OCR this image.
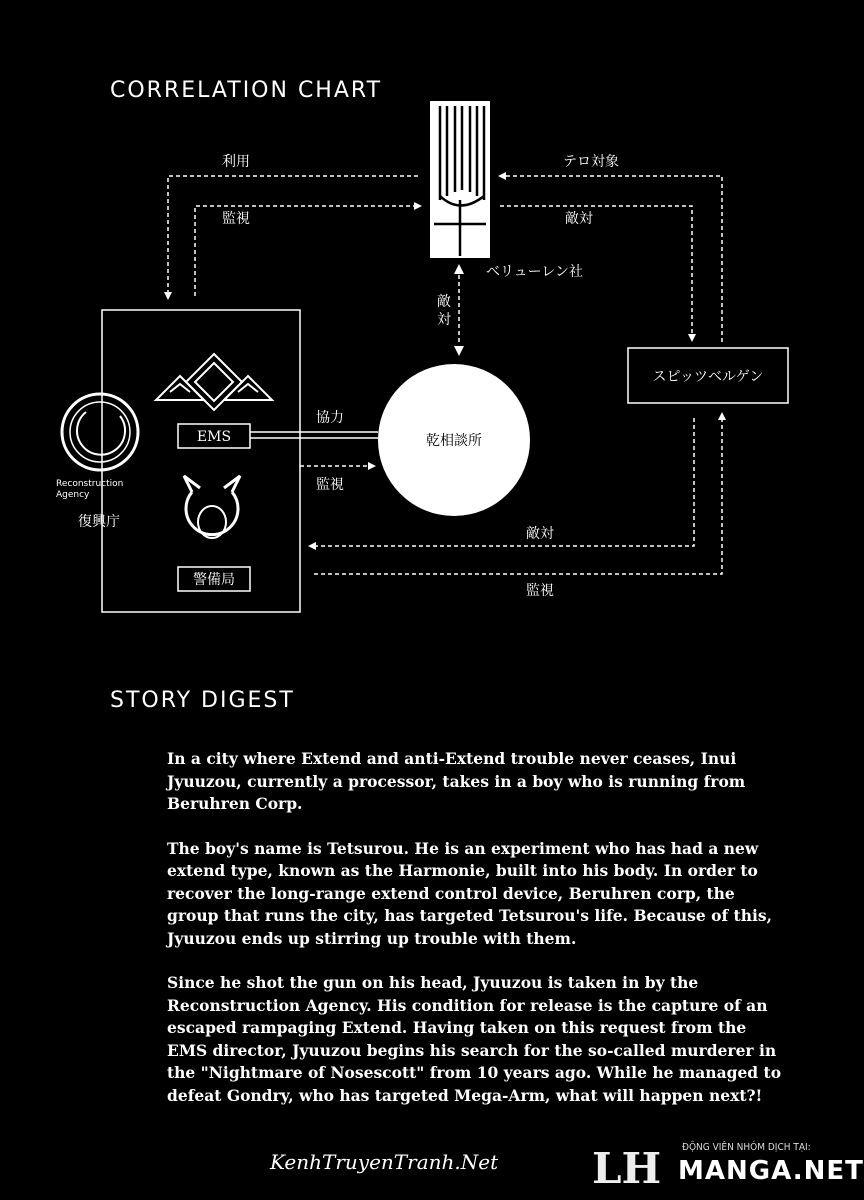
CORRELATION CHART
利用
監視
テロ対象
敵対
ベリューレン社
敵
対
スピッツベルゲン
乾相談所
Reconstruction
Agency
復興庁
EMS
協力
監視
警備局
敵対
監視
STORY DIGEST

In a city where Extend and anti-Extend trouble never ceases, Inui Jyuuzou, currently a processor, takes in a boy who is running from Beruhren Corp.

The boy's name is Tetsurou. He is an experiment who has had a new extend type, known as the Harmonie, built into his body. In order to recover the long-range extend control device, Beruhren corp, the group that runs the city, has targeted Tetsurou's life. Because of this, Jyuuzou ends up stirring up trouble with them.

Since he shot the gun on his head, Jyuuzou is taken in by the Reconstruction Agency. His condition for release is the capture of an escaped rampaging Extend. Having taken on this request from the EMS director, Jyuuzou begins his search for the so-called murderer in the "Nightmare of Nosescott" from 10 years ago. While he managed to defeat Gondry, who has targeted Mega-Arm, what will happen next?!

KenhTruyenTranh.Net LH ĐỘNG VIÊN NHÓM DỊCH TẠI:
MANGA.NET
